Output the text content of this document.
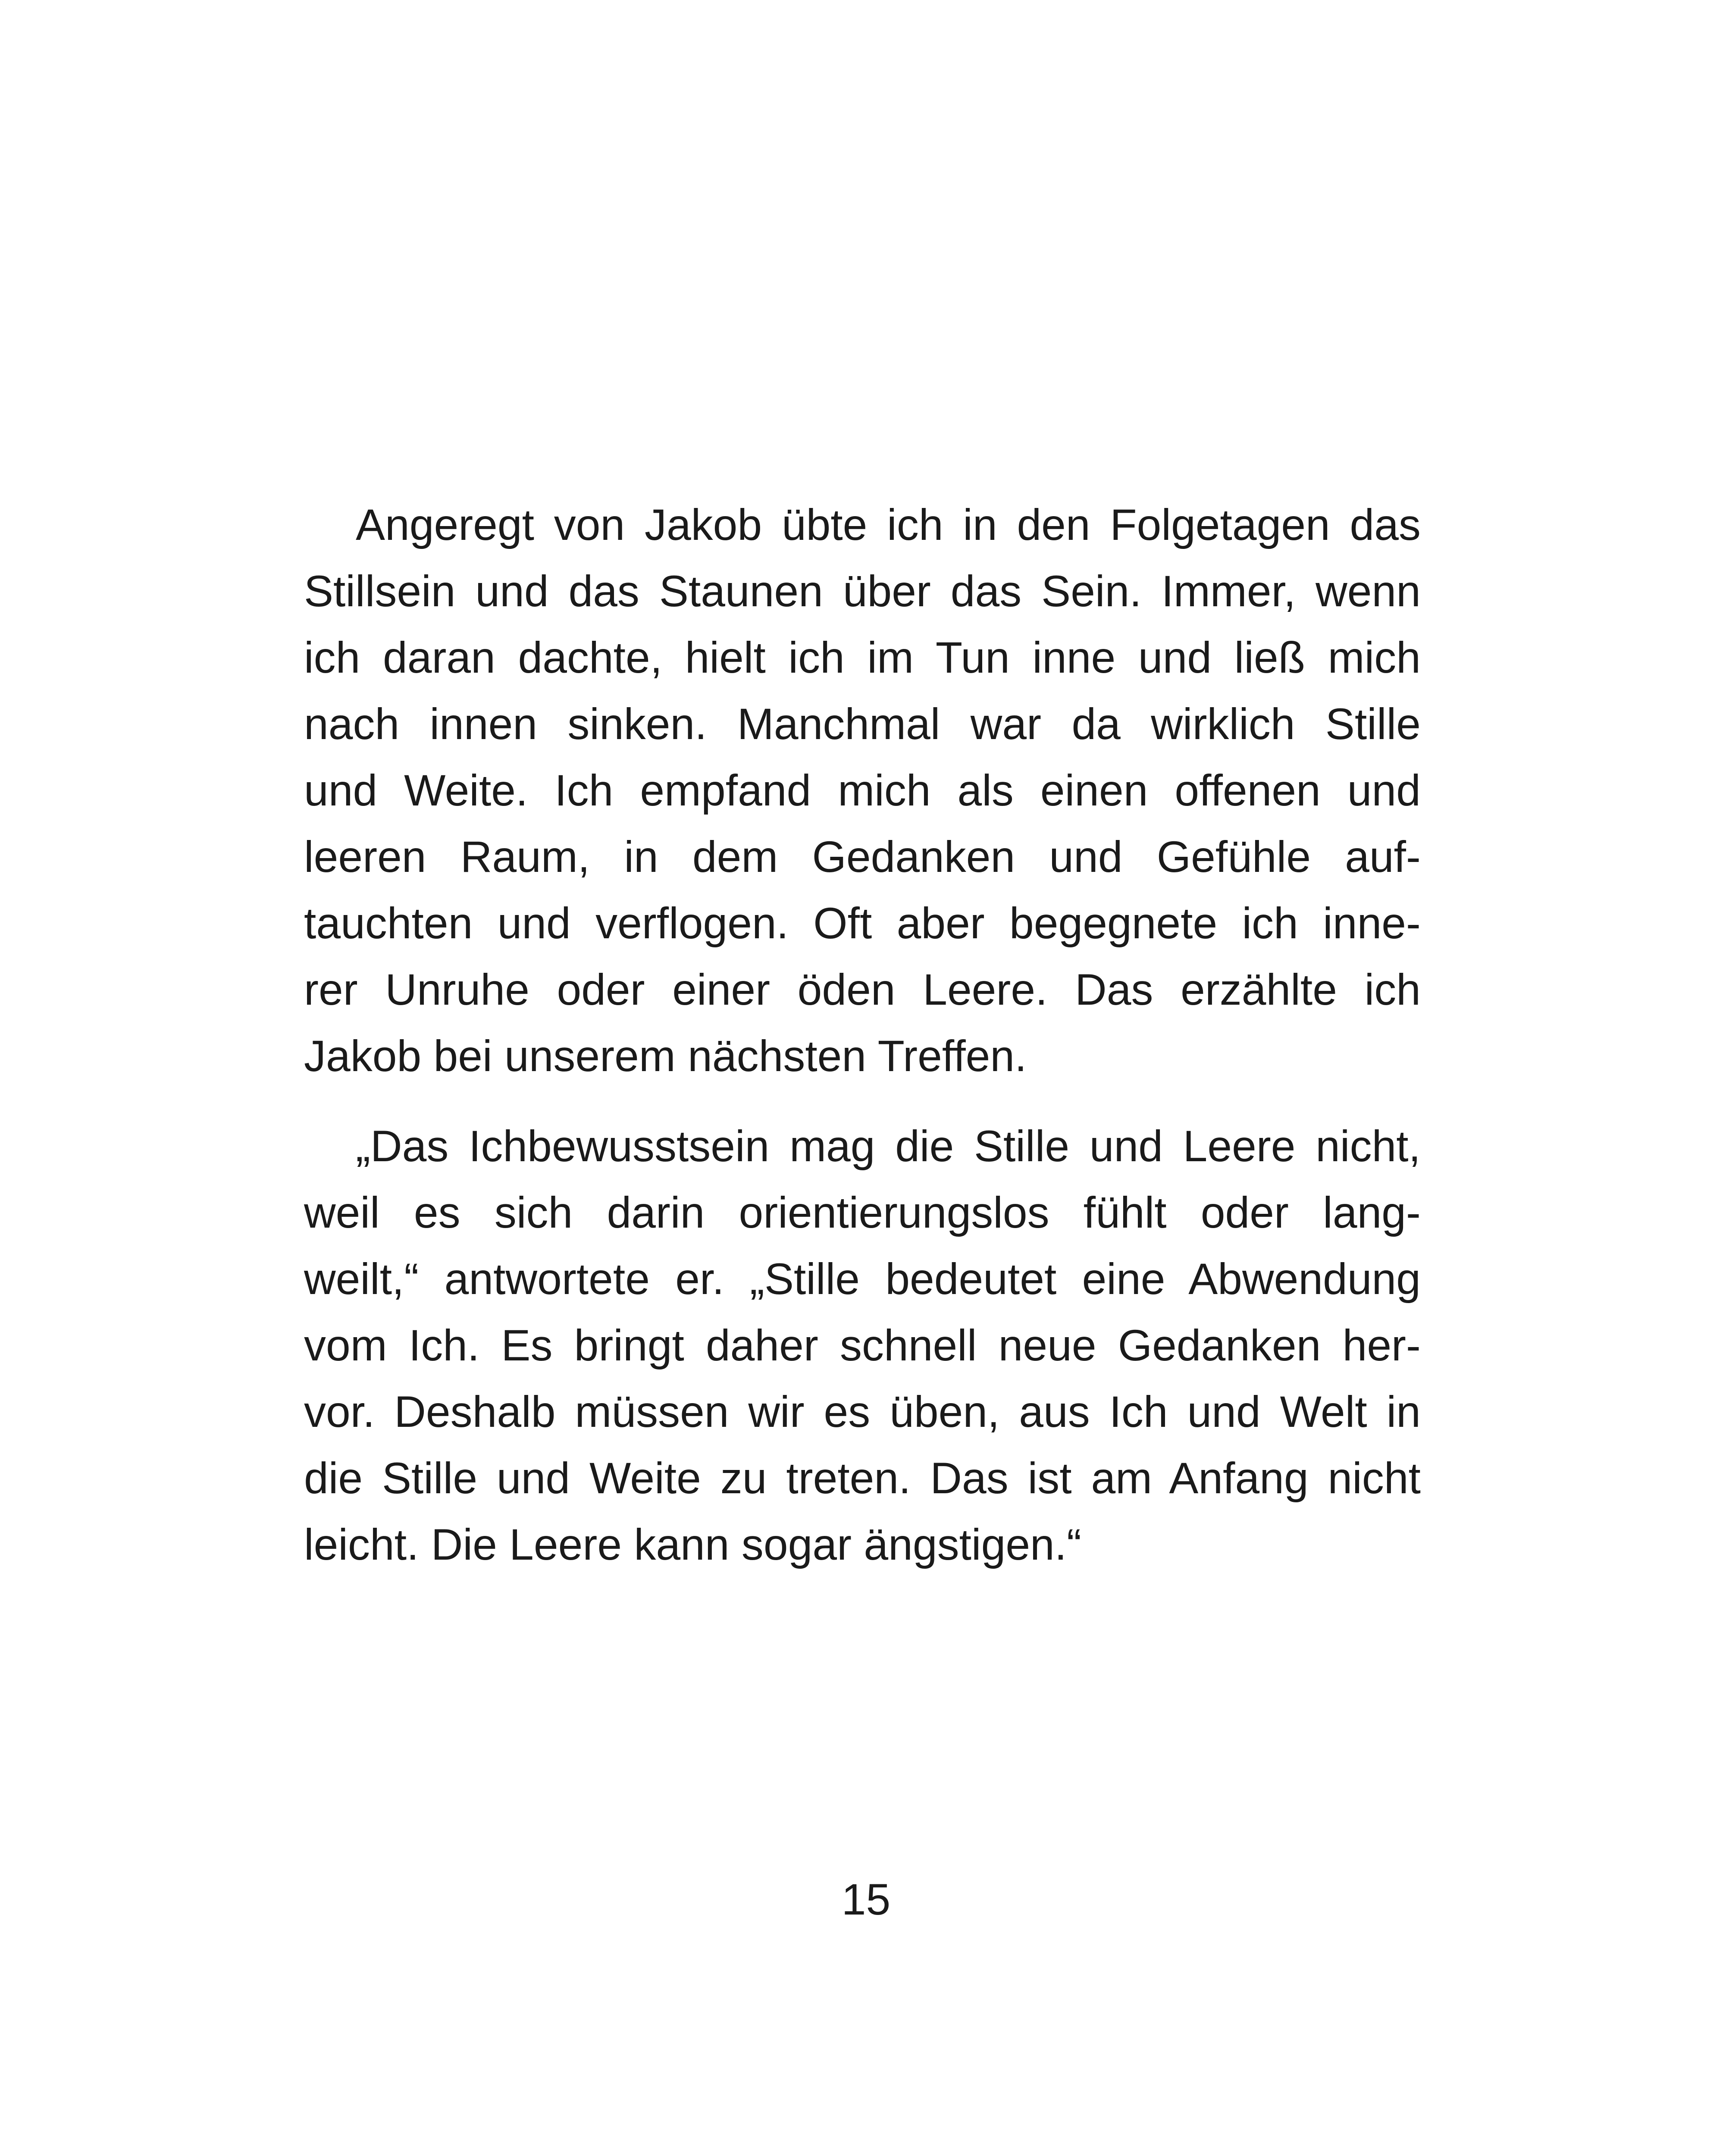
Angeregt von Jakob übte ich in den Folgetagen das
Stillsein und das Staunen über das Sein. Immer, wenn
ich daran dachte, hielt ich im Tun inne und ließ mich
nach innen sinken. Manchmal war da wirklich Stille
und Weite. Ich empfand mich als einen offenen und
leeren Raum, in dem Gedanken und Gefühle auf-
tauchten und verflogen. Oft aber begegnete ich inne-
rer Unruhe oder einer öden Leere. Das erzählte ich
Jakob bei unserem nächsten Treffen.
„Das Ichbewusstsein mag die Stille und Leere nicht,
weil es sich darin orientierungslos fühlt oder lang-
weilt,“ antwortete er. „Stille bedeutet eine Abwendung
vom Ich. Es bringt daher schnell neue Gedanken her-
vor. Deshalb müssen wir es üben, aus Ich und Welt in
die Stille und Weite zu treten. Das ist am Anfang nicht
leicht. Die Leere kann sogar ängstigen.“
15
